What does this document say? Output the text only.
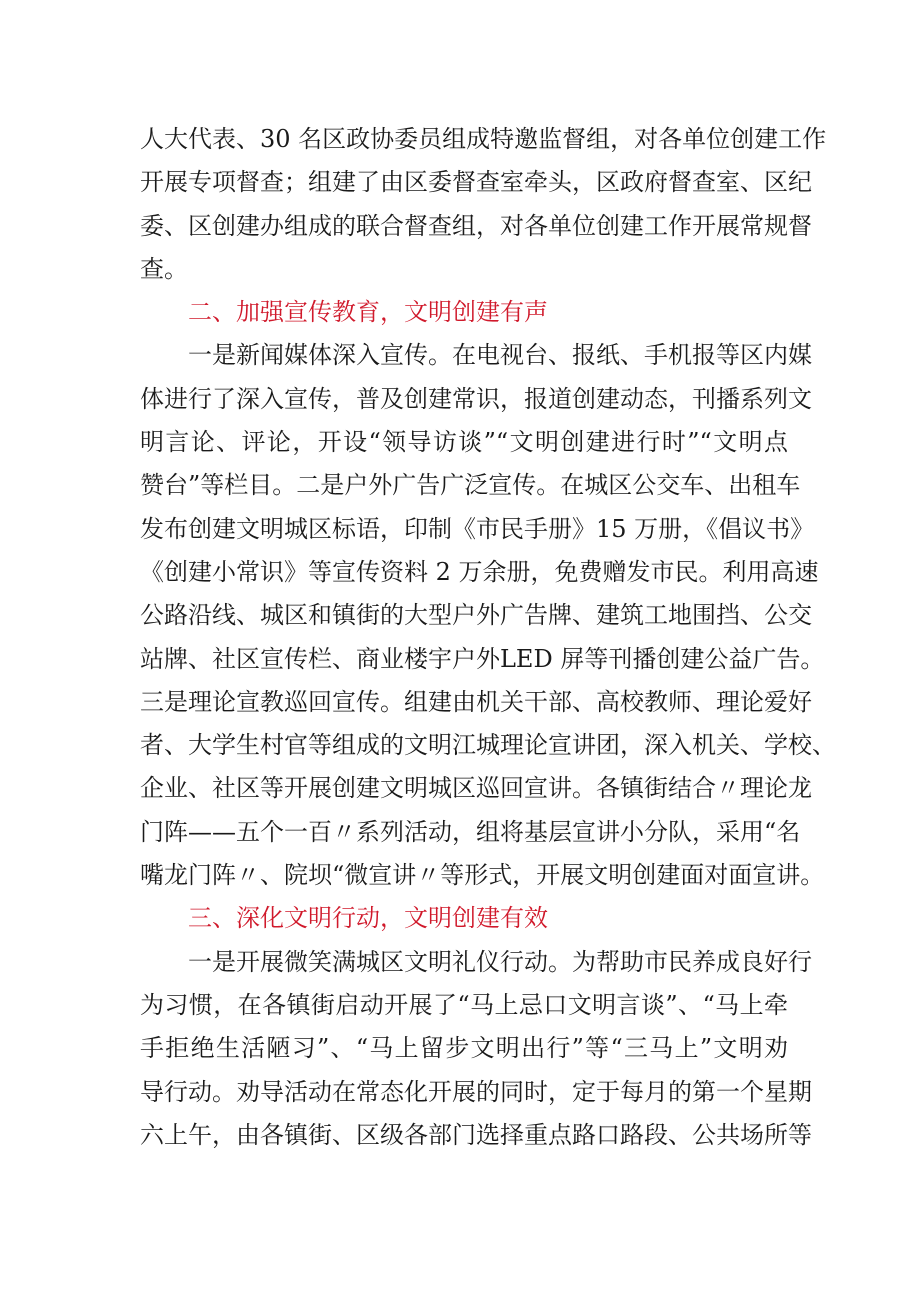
人大代表、30 名区政协委员组成特邀监督组，对各单位创建工作
开展专项督查；组建了由区委督查室牵头，区政府督查室、区纪
委、区创建办组成的联合督查组，对各单位创建工作开展常规督
查。
二、加强宣传教育，文明创建有声
一是新闻媒体深入宣传。在电视台、报纸、手机报等区内媒
体进行了深入宣传，普及创建常识，报道创建动态，刊播系列文
明言论、评论，开设“领导访谈”“文明创建进行时”“文明点
赞台”等栏目。二是户外广告广泛宣传。在城区公交车、出租车
发布创建文明城区标语，印制《市民手册》15 万册，《倡议书》
《创建小常识》等宣传资料 2 万余册，免费赠发市民。利用高速
公路沿线、城区和镇街的大型户外广告牌、建筑工地围挡、公交
站牌、社区宣传栏、商业楼宇户外LED 屏等刊播创建公益广告。
三是理论宣教巡回宣传。组建由机关干部、高校教师、理论爱好
者、大学生村官等组成的文明江城理论宣讲团，深入机关、学校、
企业、社区等开展创建文明城区巡回宣讲。各镇街结合〃理论龙
门阵——五个一百〃系列活动，组将基层宣讲小分队，采用“名
嘴龙门阵〃、院坝“微宣讲〃等形式，开展文明创建面对面宣讲。
三、深化文明行动，文明创建有效
一是开展微笑满城区文明礼仪行动。为帮助市民养成良好行
为习惯，在各镇街启动开展了“马上忌口文明言谈”、“马上牵
手拒绝生活陋习”、“马上留步文明出行”等“三马上”文明劝
导行动。劝导活动在常态化开展的同时，定于每月的第一个星期
六上午，由各镇街、区级各部门选择重点路口路段、公共场所等
